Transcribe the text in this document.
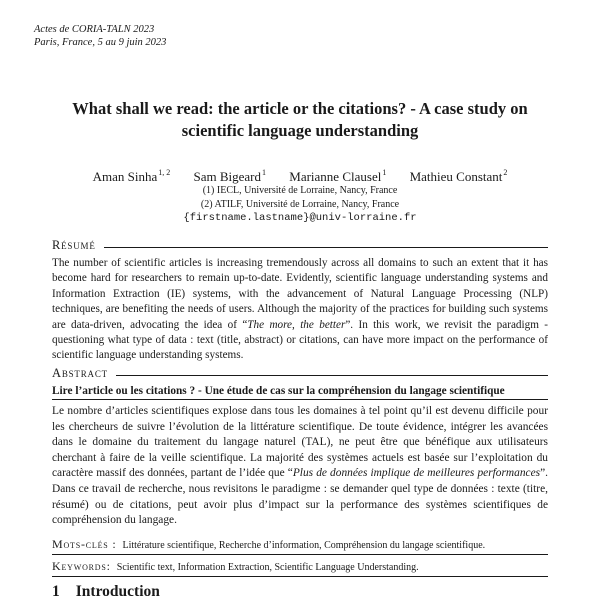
Actes de CORIA-TALN 2023
Paris, France, 5 au 9 juin 2023
What shall we read: the article or the citations? - A case study on
scientific language understanding
Aman Sinha$^{1, 2}$ Sam Bigeard$^1$ Marianne Clausel$^1$ Mathieu Constant$^2$
(1) IECL, Université de Lorraine, Nancy, France
(2) ATILF, Université de Lorraine, Nancy, France
{firstname.lastname}@univ-lorraine.fr
Résumé
The number of scientific articles is increasing tremendously across all domains to such an extent that it has become hard for researchers to remain up-to-date. Evidently, scientific language understanding systems and Information Extraction (IE) systems, with the advancement of Natural Language Processing (NLP) techniques, are benefiting the needs of users. Although the majority of the practices for building such systems are data-driven, advocating the idea of “The more, the better”. In this work, we revisit the paradigm - questioning what type of data : text (title, abstract) or citations, can have more impact on the performance of scientific language understanding systems.
Abstract
Lire l’article ou les citations ? - Une étude de cas sur la compréhension du langage scientifique
Le nombre d’articles scientifiques explose dans tous les domaines à tel point qu’il est devenu difficile pour les chercheurs de suivre l’évolution de la littérature scientifique. De toute évidence, intégrer les avancées dans le domaine du traitement du langage naturel (TAL), ne peut être que bénéfique aux utilisateurs cherchant à faire de la veille scientifique. La majorité des systèmes actuels est basée sur l’exploitation du caractère massif des données, partant de l’idée que “Plus de données implique de meilleures performances”. Dans ce travail de recherche, nous revisitons le paradigme : se demander quel type de données : texte (titre, résumé) ou de citations, peut avoir plus d’impact sur la performance des systèmes scientifiques de compréhension du langage.
Mots-clés : Littérature scientifique, Recherche d’information, Compréhension du langage scientifique.
Keywords: Scientific text, Information Extraction, Scientific Language Understanding.
1 Introduction
